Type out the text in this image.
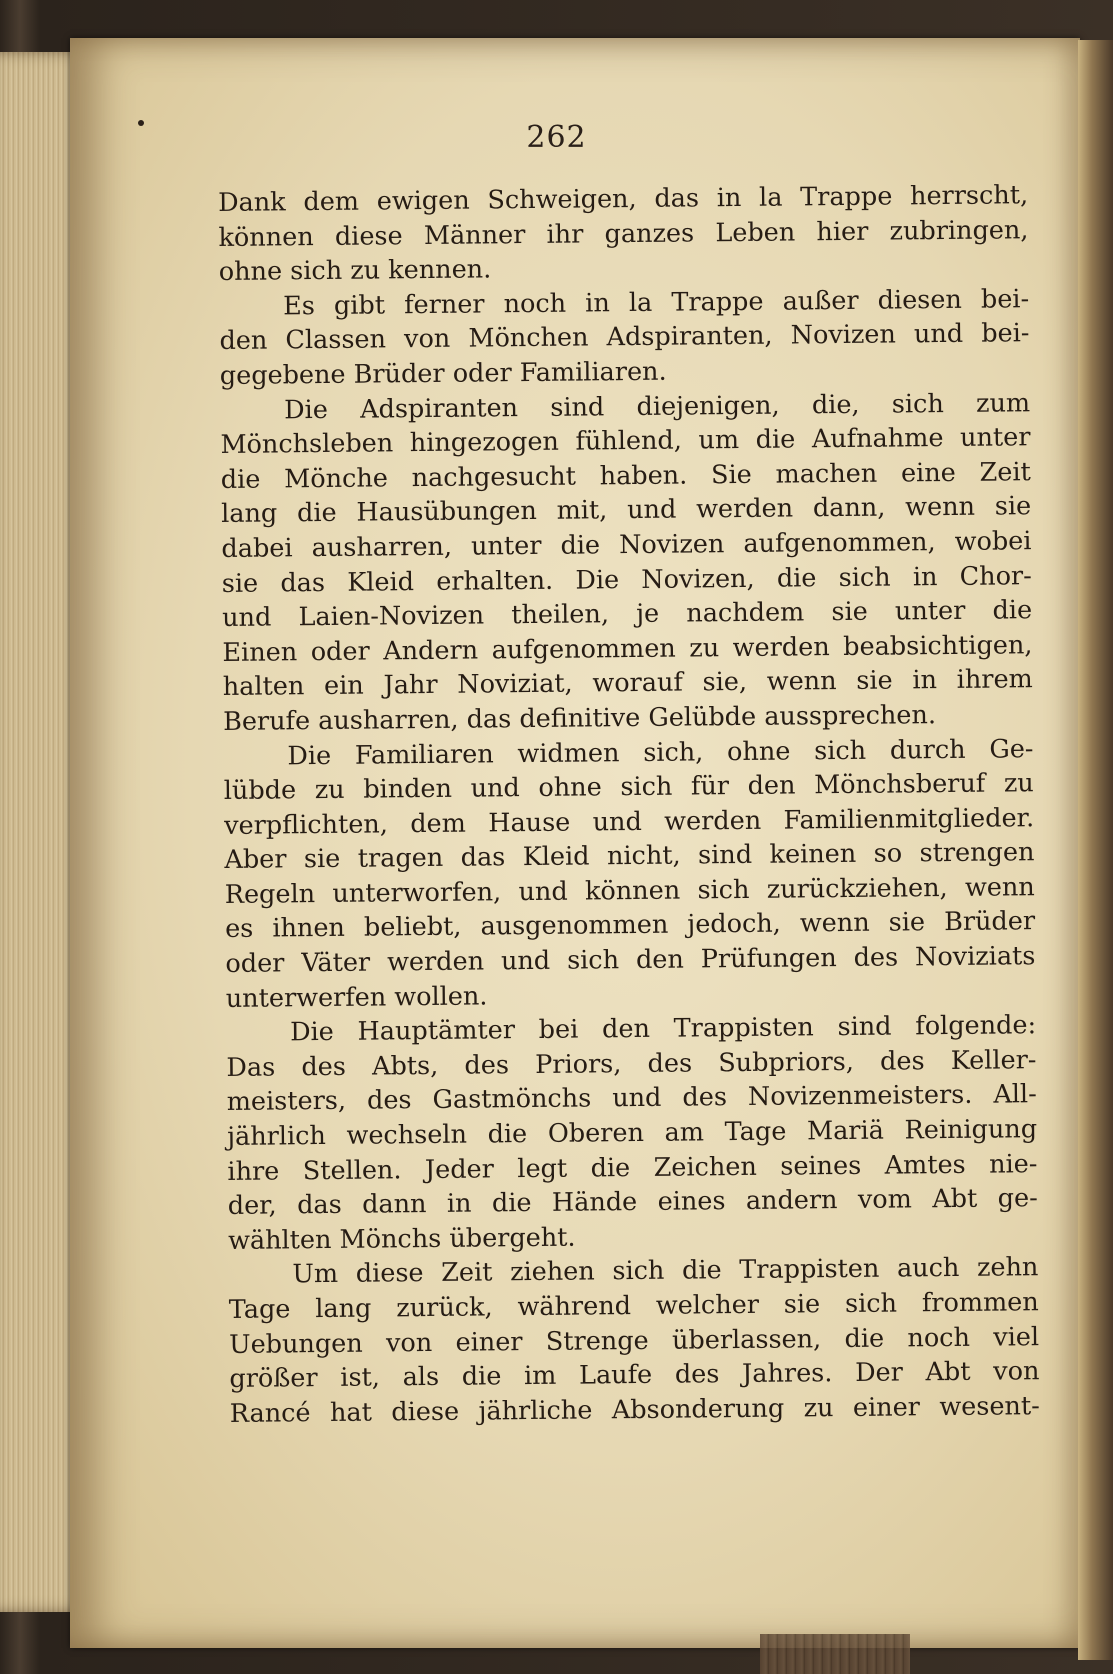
262
Dank dem ewigen Schweigen, das in la Trappe herrscht,
können diese Männer ihr ganzes Leben hier zubringen,
ohne sich zu kennen.
Es gibt ferner noch in la Trappe außer diesen bei-
den Classen von Mönchen Adspiranten, Novizen und bei-
gegebene Brüder oder Familiaren.
Die Adspiranten sind diejenigen, die, sich zum
Mönchsleben hingezogen fühlend, um die Aufnahme unter
die Mönche nachgesucht haben. Sie machen eine Zeit
lang die Hausübungen mit, und werden dann, wenn sie
dabei ausharren, unter die Novizen aufgenommen, wobei
sie das Kleid erhalten. Die Novizen, die sich in Chor-
und Laien-Novizen theilen, je nachdem sie unter die
Einen oder Andern aufgenommen zu werden beabsichtigen,
halten ein Jahr Noviziat, worauf sie, wenn sie in ihrem
Berufe ausharren, das definitive Gelübde aussprechen.
Die Familiaren widmen sich, ohne sich durch Ge-
lübde zu binden und ohne sich für den Mönchsberuf zu
verpflichten, dem Hause und werden Familienmitglieder.
Aber sie tragen das Kleid nicht, sind keinen so strengen
Regeln unterworfen, und können sich zurückziehen, wenn
es ihnen beliebt, ausgenommen jedoch, wenn sie Brüder
oder Väter werden und sich den Prüfungen des Noviziats
unterwerfen wollen.
Die Hauptämter bei den Trappisten sind folgende:
Das des Abts, des Priors, des Subpriors, des Keller-
meisters, des Gastmönchs und des Novizenmeisters. All-
jährlich wechseln die Oberen am Tage Mariä Reinigung
ihre Stellen. Jeder legt die Zeichen seines Amtes nie-
der, das dann in die Hände eines andern vom Abt ge-
wählten Mönchs übergeht.
Um diese Zeit ziehen sich die Trappisten auch zehn
Tage lang zurück, während welcher sie sich frommen
Uebungen von einer Strenge überlassen, die noch viel
größer ist, als die im Laufe des Jahres. Der Abt von
Rancé hat diese jährliche Absonderung zu einer wesent-
